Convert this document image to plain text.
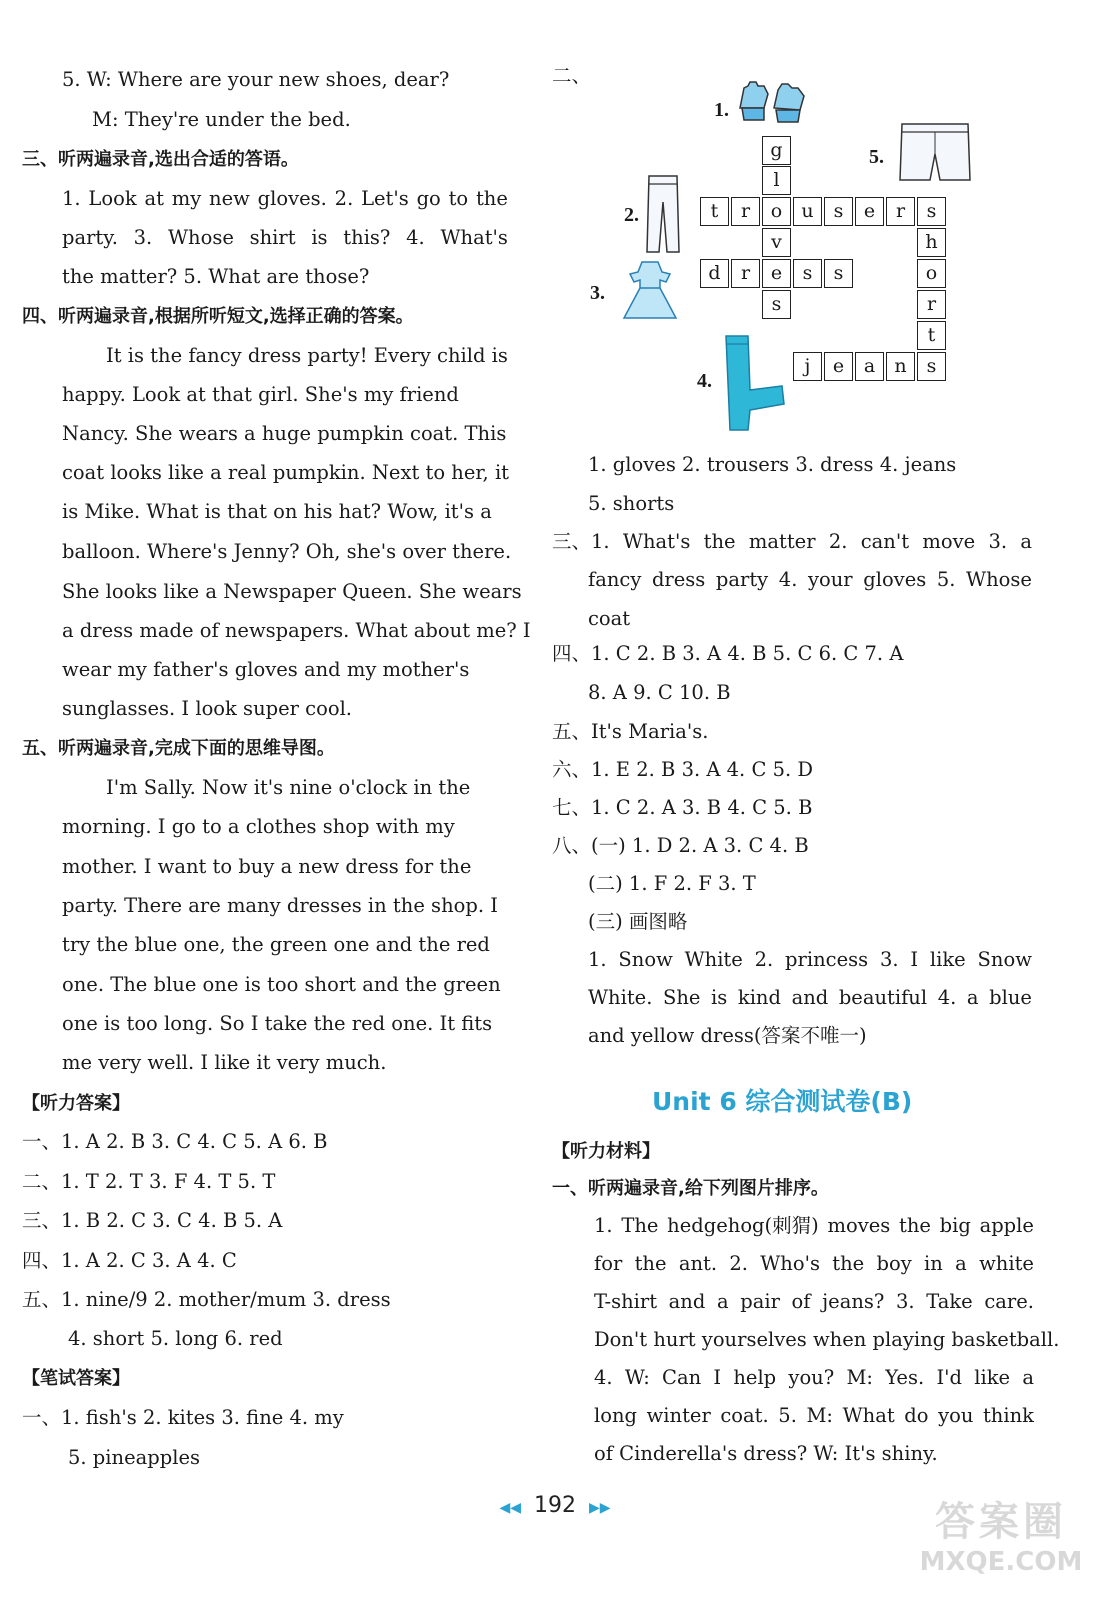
5. W: Where are your new shoes, dear?
M: They're under the bed.
三、听两遍录音,选出合适的答语。
1. Look at my new gloves. 2. Let's go to the
party. 3. Whose shirt is this? 4. What's
the matter? 5. What are those?
四、听两遍录音,根据所听短文,选择正确的答案。
It is the fancy dress party! Every child is
happy. Look at that girl. She's my friend
Nancy. She wears a huge pumpkin coat. This
coat looks like a real pumpkin. Next to her, it
is Mike. What is that on his hat? Wow, it's a
balloon. Where's Jenny? Oh, she's over there.
She looks like a Newspaper Queen. She wears
a dress made of newspapers. What about me? I
wear my father's gloves and my mother's
sunglasses. I look super cool.
五、听两遍录音,完成下面的思维导图。
I'm Sally. Now it's nine o'clock in the
morning. I go to a clothes shop with my
mother. I want to buy a new dress for the
party. There are many dresses in the shop. I
try the blue one, the green one and the red
one. The blue one is too short and the green
one is too long. So I take the red one. It fits
me very well. I like it very much.
【听力答案】
一、1. A 2. B 3. C 4. C 5. A 6. B
二、1. T 2. T 3. F 4. T 5. T
三、1. B 2. C 3. C 4. B 5. A
四、1. A 2. C 3. A 4. C
五、1. nine/9 2. mother/mum 3. dress
4. short 5. long 6. red
【笔试答案】
一、1. fish's 2. kites 3. fine 4. my
5. pineapples
二、
1.
2.
3.
4.
5.
g
l
v
s
t	r	o	u	s	e	r	s
d	r	e	s	s
h
o
r
t
s
j	e	a	n
1. gloves 2. trousers 3. dress 4. jeans
5. shorts
三、1. What's the matter 2. can't move 3. a
fancy dress party 4. your gloves 5. Whose
coat
四、1. C 2. B 3. A 4. B 5. C 6. C 7. A
8. A 9. C 10. B
五、It's Maria's.
六、1. E 2. B 3. A 4. C 5. D
七、1. C 2. A 3. B 4. C 5. B
八、(一) 1. D 2. A 3. C 4. B
(二) 1. F 2. F 3. T
(三) 画图略
1. Snow White 2. princess 3. I like Snow
White. She is kind and beautiful 4. a blue
and yellow dress(答案不唯一)
Unit 6 综合测试卷(B)
【听力材料】
一、听两遍录音,给下列图片排序。
1. The hedgehog(刺猬) moves the big apple
for the ant. 2. Who's the boy in a white
T-shirt and a pair of jeans? 3. Take care.
Don't hurt yourselves when playing basketball.
4. W: Can I help you? M: Yes. I'd like a
long winter coat. 5. M: What do you think
of Cinderella's dress? W: It's shiny.
◀◀ 192 ▶▶	答案圈
MXQE.COM
